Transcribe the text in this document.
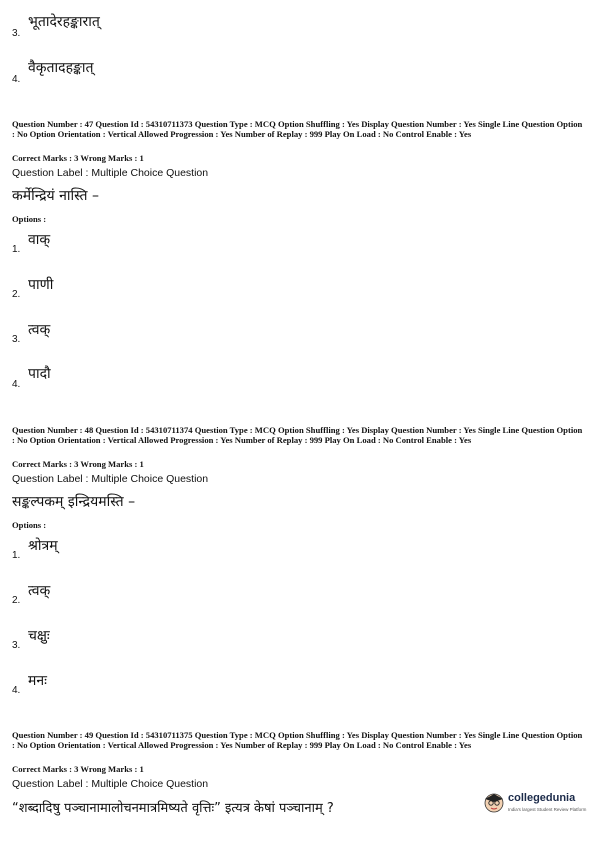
3.
भूतादेरहङ्कारात्
4.
वैकृतादहङ्कात्
Question Number : 47 Question Id : 54310711373 Question Type : MCQ Option Shuffling : Yes Display Question Number : Yes Single Line Question Option : No Option Orientation : Vertical Allowed Progression : Yes Number of Replay : 999 Play On Load : No Control Enable : Yes
Correct Marks : 3 Wrong Marks : 1
Question Label : Multiple Choice Question
कर्मेन्द्रियं नास्ति –
Options :
1.
वाक्
2.
पाणी
3.
त्वक्
4.
पादौ
Question Number : 48 Question Id : 54310711374 Question Type : MCQ Option Shuffling : Yes Display Question Number : Yes Single Line Question Option : No Option Orientation : Vertical Allowed Progression : Yes Number of Replay : 999 Play On Load : No Control Enable : Yes
Correct Marks : 3 Wrong Marks : 1
Question Label : Multiple Choice Question
सङ्कल्पकम् इन्द्रियमस्ति –
Options :
1.
श्रोत्रम्
2.
त्वक्
3.
चक्षुः
4.
मनः
Question Number : 49 Question Id : 54310711375 Question Type : MCQ Option Shuffling : Yes Display Question Number : Yes Single Line Question Option : No Option Orientation : Vertical Allowed Progression : Yes Number of Replay : 999 Play On Load : No Control Enable : Yes
Correct Marks : 3 Wrong Marks : 1
Question Label : Multiple Choice Question
“शब्दादिषु पञ्चानामालोचनमात्रमिष्यते वृत्तिः” इत्यत्र केषां पञ्चानाम् ?
collegedunia
India's largest Student Review Platform
